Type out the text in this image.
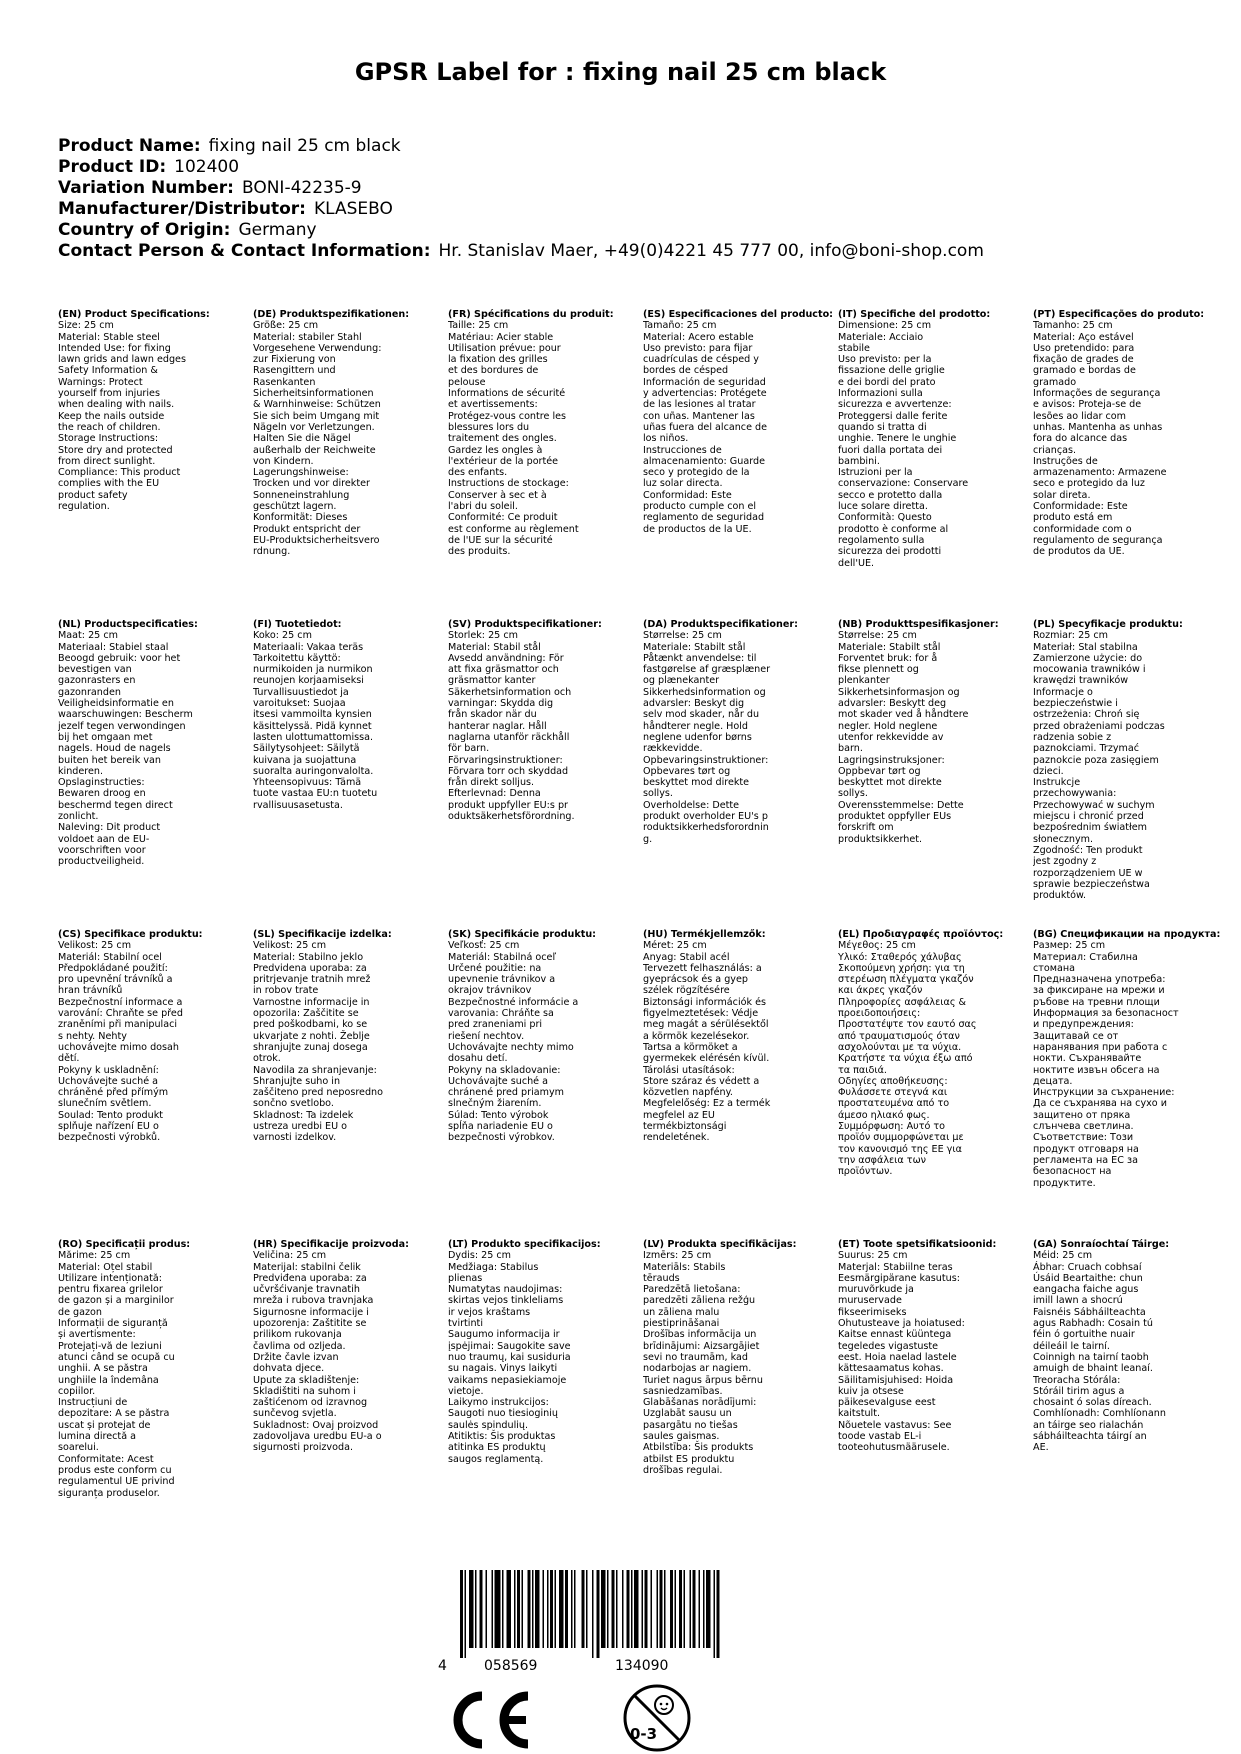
GPSR Label for : fixing nail 25 cm black
Product Name: fixing nail 25 cm black
Product ID: 102400
Variation Number: BONI-42235-9
Manufacturer/Distributor: KLASEBO
Country of Origin: Germany
Contact Person & Contact Information: Hr. Stanislav Maer, +49(0)4221 45 777 00, info@boni-shop.com
(EN) Product Specifications:
Size: 25 cm
Material: Stable steel
Intended Use: for fixing
lawn grids and lawn edges
Safety Information &
Warnings: Protect
yourself from injuries
when dealing with nails.
Keep the nails outside
the reach of children.
Storage Instructions:
Store dry and protected
from direct sunlight.
Compliance: This product
complies with the EU
product safety
regulation.
(DE) Produktspezifikationen:
Größe: 25 cm
Material: stabiler Stahl
Vorgesehene Verwendung:
zur Fixierung von
Rasengittern und
Rasenkanten
Sicherheitsinformationen
& Warnhinweise: Schützen
Sie sich beim Umgang mit
Nägeln vor Verletzungen.
Halten Sie die Nägel
außerhalb der Reichweite
von Kindern.
Lagerungshinweise:
Trocken und vor direkter
Sonneneinstrahlung
geschützt lagern.
Konformität: Dieses
Produkt entspricht der
EU-Produktsicherheitsvero
rdnung.
(FR) Spécifications du produit:
Taille: 25 cm
Matériau: Acier stable
Utilisation prévue: pour
la fixation des grilles
et des bordures de
pelouse
Informations de sécurité
et avertissements:
Protégez-vous contre les
blessures lors du
traitement des ongles.
Gardez les ongles à
l'extérieur de la portée
des enfants.
Instructions de stockage:
Conserver à sec et à
l'abri du soleil.
Conformité: Ce produit
est conforme au règlement
de l'UE sur la sécurité
des produits.
(ES) Especificaciones del producto:
Tamaño: 25 cm
Material: Acero estable
Uso previsto: para fijar
cuadrículas de césped y
bordes de césped
Información de seguridad
y advertencias: Protégete
de las lesiones al tratar
con uñas. Mantener las
uñas fuera del alcance de
los niños.
Instrucciones de
almacenamiento: Guarde
seco y protegido de la
luz solar directa.
Conformidad: Este
producto cumple con el
reglamento de seguridad
de productos de la UE.
(IT) Specifiche del prodotto:
Dimensione: 25 cm
Materiale: Acciaio
stabile
Uso previsto: per la
fissazione delle griglie
e dei bordi del prato
Informazioni sulla
sicurezza e avvertenze:
Proteggersi dalle ferite
quando si tratta di
unghie. Tenere le unghie
fuori dalla portata dei
bambini.
Istruzioni per la
conservazione: Conservare
secco e protetto dalla
luce solare diretta.
Conformità: Questo
prodotto è conforme al
regolamento sulla
sicurezza dei prodotti
dell'UE.
(PT) Especificações do produto:
Tamanho: 25 cm
Material: Aço estável
Uso pretendido: para
fixação de grades de
gramado e bordas de
gramado
Informações de segurança
e avisos: Proteja-se de
lesões ao lidar com
unhas. Mantenha as unhas
fora do alcance das
crianças.
Instruções de
armazenamento: Armazene
seco e protegido da luz
solar direta.
Conformidade: Este
produto está em
conformidade com o
regulamento de segurança
de produtos da UE.
(NL) Productspecificaties:
Maat: 25 cm
Materiaal: Stabiel staal
Beoogd gebruik: voor het
bevestigen van
gazonrasters en
gazonranden
Veiligheidsinformatie en
waarschuwingen: Bescherm
jezelf tegen verwondingen
bij het omgaan met
nagels. Houd de nagels
buiten het bereik van
kinderen.
Opslaginstructies:
Bewaren droog en
beschermd tegen direct
zonlicht.
Naleving: Dit product
voldoet aan de EU-
voorschriften voor
productveiligheid.
(FI) Tuotetiedot:
Koko: 25 cm
Materiaali: Vakaa teräs
Tarkoitettu käyttö:
nurmikoiden ja nurmikon
reunojen korjaamiseksi
Turvallisuustiedot ja
varoitukset: Suojaa
itsesi vammoilta kynsien
käsittelyssä. Pidä kynnet
lasten ulottumattomissa.
Säilytysohjeet: Säilytä
kuivana ja suojattuna
suoralta auringonvalolta.
Yhteensopivuus: Tämä
tuote vastaa EU:n tuotetu
rvallisuusasetusta.
(SV) Produktspecifikationer:
Storlek: 25 cm
Material: Stabil stål
Avsedd användning: För
att fixa gräsmattor och
gräsmattor kanter
Säkerhetsinformation och
varningar: Skydda dig
från skador när du
hanterar naglar. Håll
naglarna utanför räckhåll
för barn.
Förvaringsinstruktioner:
Förvara torr och skyddad
från direkt solljus.
Efterlevnad: Denna
produkt uppfyller EU:s pr
oduktsäkerhetsförordning.
(DA) Produktspecifikationer:
Størrelse: 25 cm
Materiale: Stabilt stål
Påtænkt anvendelse: til
fastgørelse af græsplæner
og plænekanter
Sikkerhedsinformation og
advarsler: Beskyt dig
selv mod skader, når du
håndterer negle. Hold
neglene udenfor børns
rækkevidde.
Opbevaringsinstruktioner:
Opbevares tørt og
beskyttet mod direkte
sollys.
Overholdelse: Dette
produkt overholder EU's p
roduktsikkerhedsforordnin
g.
(NB) Produkttspesifikasjoner:
Størrelse: 25 cm
Materiale: Stabilt stål
Forventet bruk: for å
fikse plennett og
plenkanter
Sikkerhetsinformasjon og
advarsler: Beskytt deg
mot skader ved å håndtere
negler. Hold neglene
utenfor rekkevidde av
barn.
Lagringsinstruksjoner:
Oppbevar tørt og
beskyttet mot direkte
sollys.
Overensstemmelse: Dette
produktet oppfyller EUs
forskrift om
produktsikkerhet.
(PL) Specyfikacje produktu:
Rozmiar: 25 cm
Materiał: Stal stabilna
Zamierzone użycie: do
mocowania trawników i
krawędzi trawników
Informacje o
bezpieczeństwie i
ostrzeżenia: Chroń się
przed obrażeniami podczas
radzenia sobie z
paznokciami. Trzymać
paznokcie poza zasięgiem
dzieci.
Instrukcje
przechowywania:
Przechowywać w suchym
miejscu i chronić przed
bezpośrednim światłem
słonecznym.
Zgodność: Ten produkt
jest zgodny z
rozporządzeniem UE w
sprawie bezpieczeństwa
produktów.
(CS) Specifikace produktu:
Velikost: 25 cm
Materiál: Stabilní ocel
Předpokládané použití:
pro upevnění trávníků a
hran trávníků
Bezpečnostní informace a
varování: Chraňte se před
zraněními při manipulaci
s nehty. Nehty
uchovávejte mimo dosah
dětí.
Pokyny k uskladnění:
Uchovávejte suché a
chráněné před přímým
slunečním světlem.
Soulad: Tento produkt
splňuje nařízení EU o
bezpečnosti výrobků.
(SL) Specifikacije izdelka:
Velikost: 25 cm
Material: Stabilno jeklo
Predvidena uporaba: za
pritrjevanje tratnih mrež
in robov trate
Varnostne informacije in
opozorila: Zaščitite se
pred poškodbami, ko se
ukvarjate z nohti. Žeblje
shranjujte zunaj dosega
otrok.
Navodila za shranjevanje:
Shranjujte suho in
zaščiteno pred neposredno
sončno svetlobo.
Skladnost: Ta izdelek
ustreza uredbi EU o
varnosti izdelkov.
(SK) Špecifikácie produktu:
Veľkosť: 25 cm
Materiál: Stabilná oceľ
Určené použitie: na
upevnenie trávnikov a
okrajov trávnikov
Bezpečnostné informácie a
varovania: Chráňte sa
pred zraneniami pri
riešení nechtov.
Uchovávajte nechty mimo
dosahu detí.
Pokyny na skladovanie:
Uchovávajte suché a
chránené pred priamym
slnečným žiarením.
Súlad: Tento výrobok
spĺňa nariadenie EU o
bezpečnosti výrobkov.
(HU) Termékjellemzők:
Méret: 25 cm
Anyag: Stabil acél
Tervezett felhasználás: a
gyeprácsok és a gyep
szélek rögzítésére
Biztonsági információk és
figyelmeztetések: Védje
meg magát a sérülésektől
a körmök kezelésekor.
Tartsa a körmöket a
gyermekek elérésén kívül.
Tárolási utasítások:
Store száraz és védett a
közvetlen napfény.
Megfelelőség: Ez a termék
megfelel az EU
termékbiztonsági
rendeletének.
(EL) Προδιαγραφές προϊόντος:
Μέγεθος: 25 cm
Υλικό: Σταθερός χάλυβας
Σκοπούμενη χρήση: για τη
στερέωση πλέγματα γκαζόν
και άκρες γκαζόν
Πληροφορίες ασφάλειας &
προειδοποιήσεις:
Προστατέψτε τον εαυτό σας
από τραυματισμούς όταν
ασχολούνται με τα νύχια.
Κρατήστε τα νύχια έξω από
τα παιδιά.
Οδηγίες αποθήκευσης:
Φυλάσσετε στεγνά και
προστατευμένα από το
άμεσο ηλιακό φως.
Συμμόρφωση: Αυτό το
προϊόν συμμορφώνεται με
τον κανονισμό της ΕΕ για
την ασφάλεια των
προϊόντων.
(BG) Спецификации на продукта:
Размер: 25 cm
Материал: Стабилна
стомана
Предназначена употреба:
за фиксиране на мрежи и
ръбове на тревни площи
Информация за безопасност
и предупреждения:
Защитавай се от
наранявания при работа с
нокти. Съхранявайте
ноктите извън обсега на
децата.
Инструкции за съхранение:
Да се съхранява на сухо и
защитено от пряка
слънчева светлина.
Съответствие: Този
продукт отговаря на
регламента на ЕС за
безопасност на
продуктите.
(RO) Specificații produs:
Mărime: 25 cm
Material: Oțel stabil
Utilizare intenționată:
pentru fixarea grilelor
de gazon și a marginilor
de gazon
Informații de siguranță
și avertismente:
Protejați-vă de leziuni
atunci când se ocupă cu
unghii. A se păstra
unghiile la îndemâna
copiilor.
Instrucțiuni de
depozitare: A se păstra
uscat și protejat de
lumina directă a
soarelui.
Conformitate: Acest
produs este conform cu
regulamentul UE privind
siguranța produselor.
(HR) Specifikacije proizvoda:
Veličina: 25 cm
Materijal: stabilni čelik
Predviđena uporaba: za
učvršćivanje travnatih
mreža i rubova travnjaka
Sigurnosne informacije i
upozorenja: Zaštitite se
prilikom rukovanja
čavlima od ozljeda.
Držite čavle izvan
dohvata djece.
Upute za skladištenje:
Skladištiti na suhom i
zaštićenom od izravnog
sunčevog svjetla.
Sukladnost: Ovaj proizvod
zadovoljava uredbu EU-a o
sigurnosti proizvoda.
(LT) Produkto specifikacijos:
Dydis: 25 cm
Medžiaga: Stabilus
plienas
Numatytas naudojimas:
skirtas vejos tinkleliams
ir vejos kraštams
tvirtinti
Saugumo informacija ir
įspėjimai: Saugokite save
nuo traumų, kai susiduria
su nagais. Vinys laikyti
vaikams nepasiekiamoje
vietoje.
Laikymo instrukcijos:
Saugoti nuo tiesioginių
saulės spindulių.
Atitiktis: Šis produktas
atitinka ES produktų
saugos reglamentą.
(LV) Produkta specifikācijas:
Izmērs: 25 cm
Materiāls: Stabils
tērauds
Paredzētā lietošana:
paredzēti zāliena režģu
un zāliena malu
piestiprināšanai
Drošības informācija un
brīdinājumi: Aizsargājiet
sevi no traumām, kad
nodarbojas ar nagiem.
Turiet nagus ārpus bērnu
sasniedzamības.
Glabāšanas norādījumi:
Uzglabāt sausu un
pasargātu no tiešas
saules gaismas.
Atbilstība: Šis produkts
atbilst ES produktu
drošības regulai.
(ET) Toote spetsifikatsioonid:
Suurus: 25 cm
Materjal: Stabiilne teras
Eesmärgipärane kasutus:
muruvõrkude ja
muruservade
fikseerimiseks
Ohutusteave ja hoiatused:
Kaitse ennast küüntega
tegeledes vigastuste
eest. Hoia naelad lastele
kättesaamatus kohas.
Säilitamisjuhised: Hoida
kuiv ja otsese
päikesevalguse eest
kaitstult.
Nõuetele vastavus: See
toode vastab EL-i
tooteohutusmäärusele.
(GA) Sonraíochtaí Táirge:
Méid: 25 cm
Ábhar: Cruach cobhsaí
Úsáid Beartaithe: chun
eangacha faiche agus
imill lawn a shocrú
Faisnéis Sábháilteachta
agus Rabhadh: Cosain tú
féin ó gortuithe nuair
déileáil le tairní.
Coinnigh na tairní taobh
amuigh de bhaint leanaí.
Treoracha Stórála:
Stóráil tirim agus a
chosaint ó solas díreach.
Comhlíonadh: Comhlíonann
an táirge seo rialachán
sábháilteachta táirgí an
AE.
4	058569	134090
0-3
